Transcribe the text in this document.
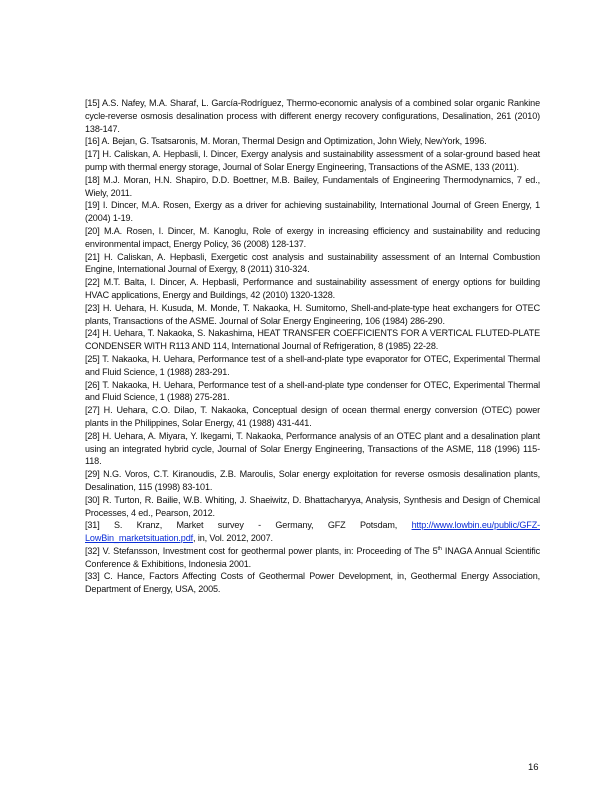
[15] A.S. Nafey, M.A. Sharaf, L. García-Rodríguez, Thermo-economic analysis of a combined solar organic Rankine cycle-reverse osmosis desalination process with different energy recovery configurations, Desalination, 261 (2010) 138-147.

[16] A. Bejan, G. Tsatsaronis, M. Moran, Thermal Design and Optimization, John Wiely, NewYork, 1996.

[17] H. Caliskan, A. Hepbasli, I. Dincer, Exergy analysis and sustainability assessment of a solar-ground based heat pump with thermal energy storage, Journal of Solar Energy Engineering, Transactions of the ASME, 133 (2011).

[18] M.J. Moran, H.N. Shapiro, D.D. Boettner, M.B. Bailey, Fundamentals of Engineering Thermodynamics, 7 ed., Wiely, 2011.

[19] I. Dincer, M.A. Rosen, Exergy as a driver for achieving sustainability, International Journal of Green Energy, 1 (2004) 1-19.

[20] M.A. Rosen, I. Dincer, M. Kanoglu, Role of exergy in increasing efficiency and sustainability and reducing environmental impact, Energy Policy, 36 (2008) 128-137.

[21] H. Caliskan, A. Hepbasli, Exergetic cost analysis and sustainability assessment of an Internal Combustion Engine, International Journal of Exergy, 8 (2011) 310-324.

[22] M.T. Balta, I. Dincer, A. Hepbasli, Performance and sustainability assessment of energy options for building HVAC applications, Energy and Buildings, 42 (2010) 1320-1328.

[23] H. Uehara, H. Kusuda, M. Monde, T. Nakaoka, H. Sumitomo, Shell-and-plate-type heat exchangers for OTEC plants, Transactions of the ASME. Journal of Solar Energy Engineering, 106 (1984) 286-290.

[24] H. Uehara, T. Nakaoka, S. Nakashima, HEAT TRANSFER COEFFICIENTS FOR A VERTICAL FLUTED-PLATE CONDENSER WITH R113 AND 114, International Journal of Refrigeration, 8 (1985) 22-28.

[25] T. Nakaoka, H. Uehara, Performance test of a shell-and-plate type evaporator for OTEC, Experimental Thermal and Fluid Science, 1 (1988) 283-291.

[26] T. Nakaoka, H. Uehara, Performance test of a shell-and-plate type condenser for OTEC, Experimental Thermal and Fluid Science, 1 (1988) 275-281.

[27] H. Uehara, C.O. Dilao, T. Nakaoka, Conceptual design of ocean thermal energy conversion (OTEC) power plants in the Philippines, Solar Energy, 41 (1988) 431-441.

[28] H. Uehara, A. Miyara, Y. Ikegami, T. Nakaoka, Performance analysis of an OTEC plant and a desalination plant using an integrated hybrid cycle, Journal of Solar Energy Engineering, Transactions of the ASME, 118 (1996) 115-118.

[29] N.G. Voros, C.T. Kiranoudis, Z.B. Maroulis, Solar energy exploitation for reverse osmosis desalination plants, Desalination, 115 (1998) 83-101.

[30] R. Turton, R. Bailie, W.B. Whiting, J. Shaeiwitz, D. Bhattacharyya, Analysis, Synthesis and Design of Chemical Processes, 4 ed., Pearson, 2012.

[31] S. Kranz, Market survey - Germany, GFZ Potsdam, http://www.lowbin.eu/public/GFZ-LowBin_marketsituation.pdf, in, Vol. 2012, 2007.

[32] V. Stefansson, Investment cost for geothermal power plants, in: Proceeding of The 5th INAGA Annual Scientific Conference & Exhibitions, Indonesia 2001.

[33] C. Hance, Factors Affecting Costs of Geothermal Power Development, in, Geothermal Energy Association, Department of Energy, USA, 2005.

16
